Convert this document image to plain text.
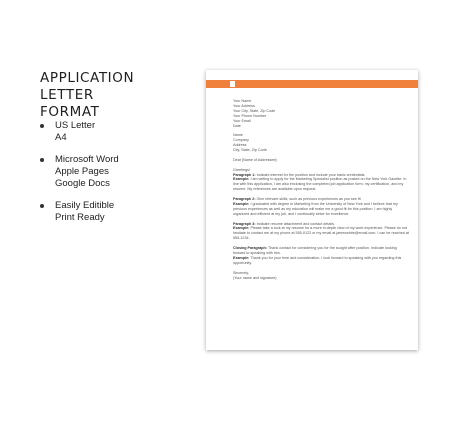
APPLICATION LETTER
FORMAT
US Letter
A4
Microsoft Word
Apple Pages
Google Docs
Easily Editible
Print Ready
Your Name
Your Address
Your City, State, Zip Code
Your Phone Number
Your Email
Date
Name
Company
Address
City, State, Zip Code
Dear [Name of Addressee]:
Greetings!
Paragraph 1: Indicate interest for the position and include your basic credentials.
Example: I am writing to apply for the Marketing Specialist position as posted on the New York Gazette. In line with this application, I am also enclosing the completed job application form, my certification, and my resume. My references are available upon request.
Paragraph 2: Give relevant skills, such as previous experiences as you see fit
Example: I graduated with degree in Marketing from the University of New York and I believe that my previous experiences as well as my education will make me a good fit for this position. I am highly organized and efficient at my job, and I continually strive for excellence.
Paragraph 3: Indicate resume attachment and contact details.
Example: Please take a look at my resume for a more in-depth view of my work experience. Please do not hesitate to contact me at my phone at 555-0123 or my email at jameswhite@email.com. I can be reached at 555-1234.
Closing Paragraph: Thank contact for considering you for the sought after position. Indicate looking forward to speaking with him.
Example: Thank you for your time and consideration. I look forward to speaking with you regarding this opportunity.
Sincerely,
(Your name and signature)
